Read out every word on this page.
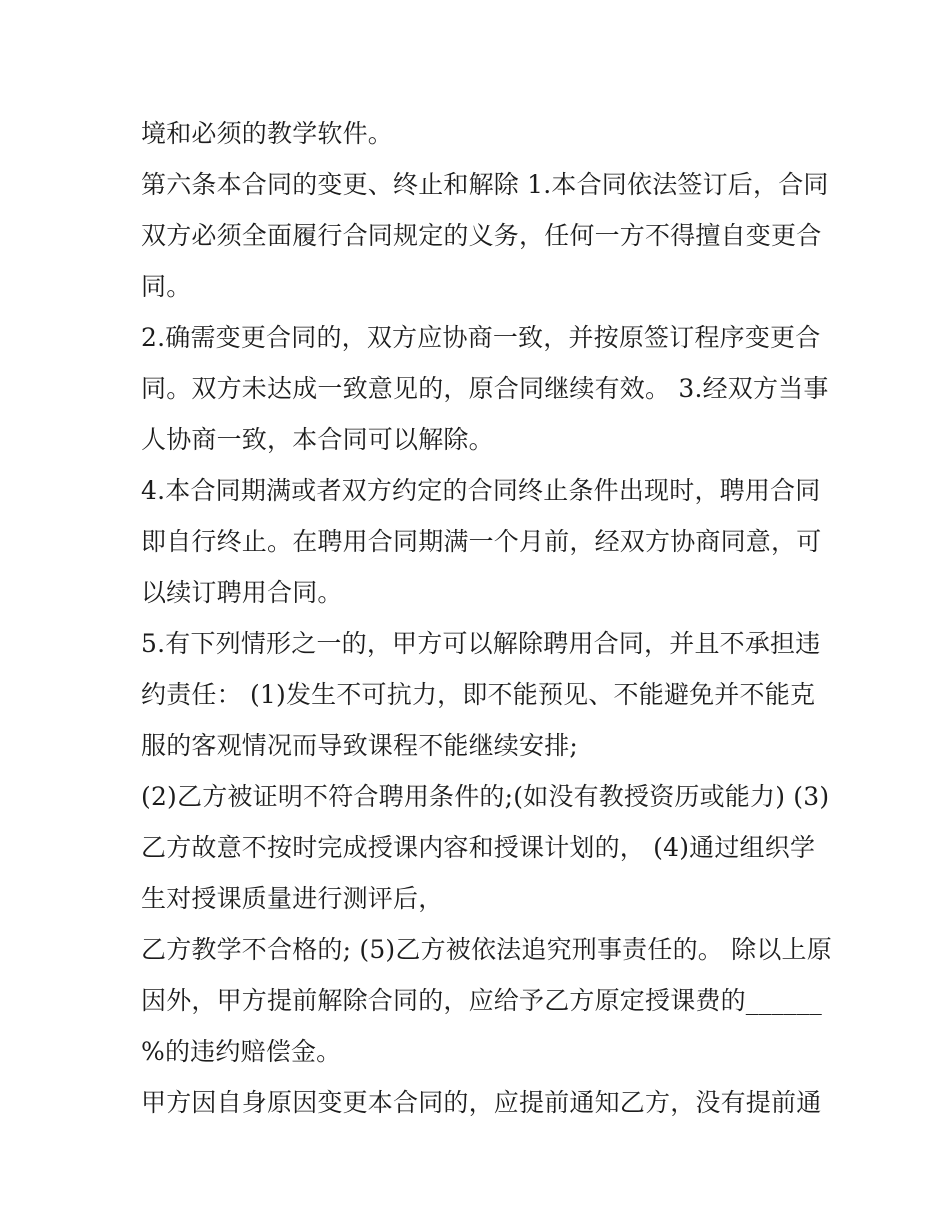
境和必须的教学软件。
第六条本合同的变更、终止和解除 1.本合同依法签订后，合同
双方必须全面履行合同规定的义务，任何一方不得擅自变更合
同。
2.确需变更合同的，双方应协商一致，并按原签订程序变更合
同。双方未达成一致意见的，原合同继续有效。 3.经双方当事
人协商一致，本合同可以解除。
4.本合同期满或者双方约定的合同终止条件出现时，聘用合同
即自行终止。在聘用合同期满一个月前，经双方协商同意，可
以续订聘用合同。
5.有下列情形之一的，甲方可以解除聘用合同，并且不承担违
约责任： (1)发生不可抗力，即不能预见、不能避免并不能克
服的客观情况而导致课程不能继续安排;
(2)乙方被证明不符合聘用条件的;(如没有教授资历或能力) (3)
乙方故意不按时完成授课内容和授课计划的， (4)通过组织学
生对授课质量进行测评后，
乙方教学不合格的; (5)乙方被依法追究刑事责任的。 除以上原
因外，甲方提前解除合同的，应给予乙方原定授课费的______
%的违约赔偿金。
甲方因自身原因变更本合同的，应提前通知乙方，没有提前通
